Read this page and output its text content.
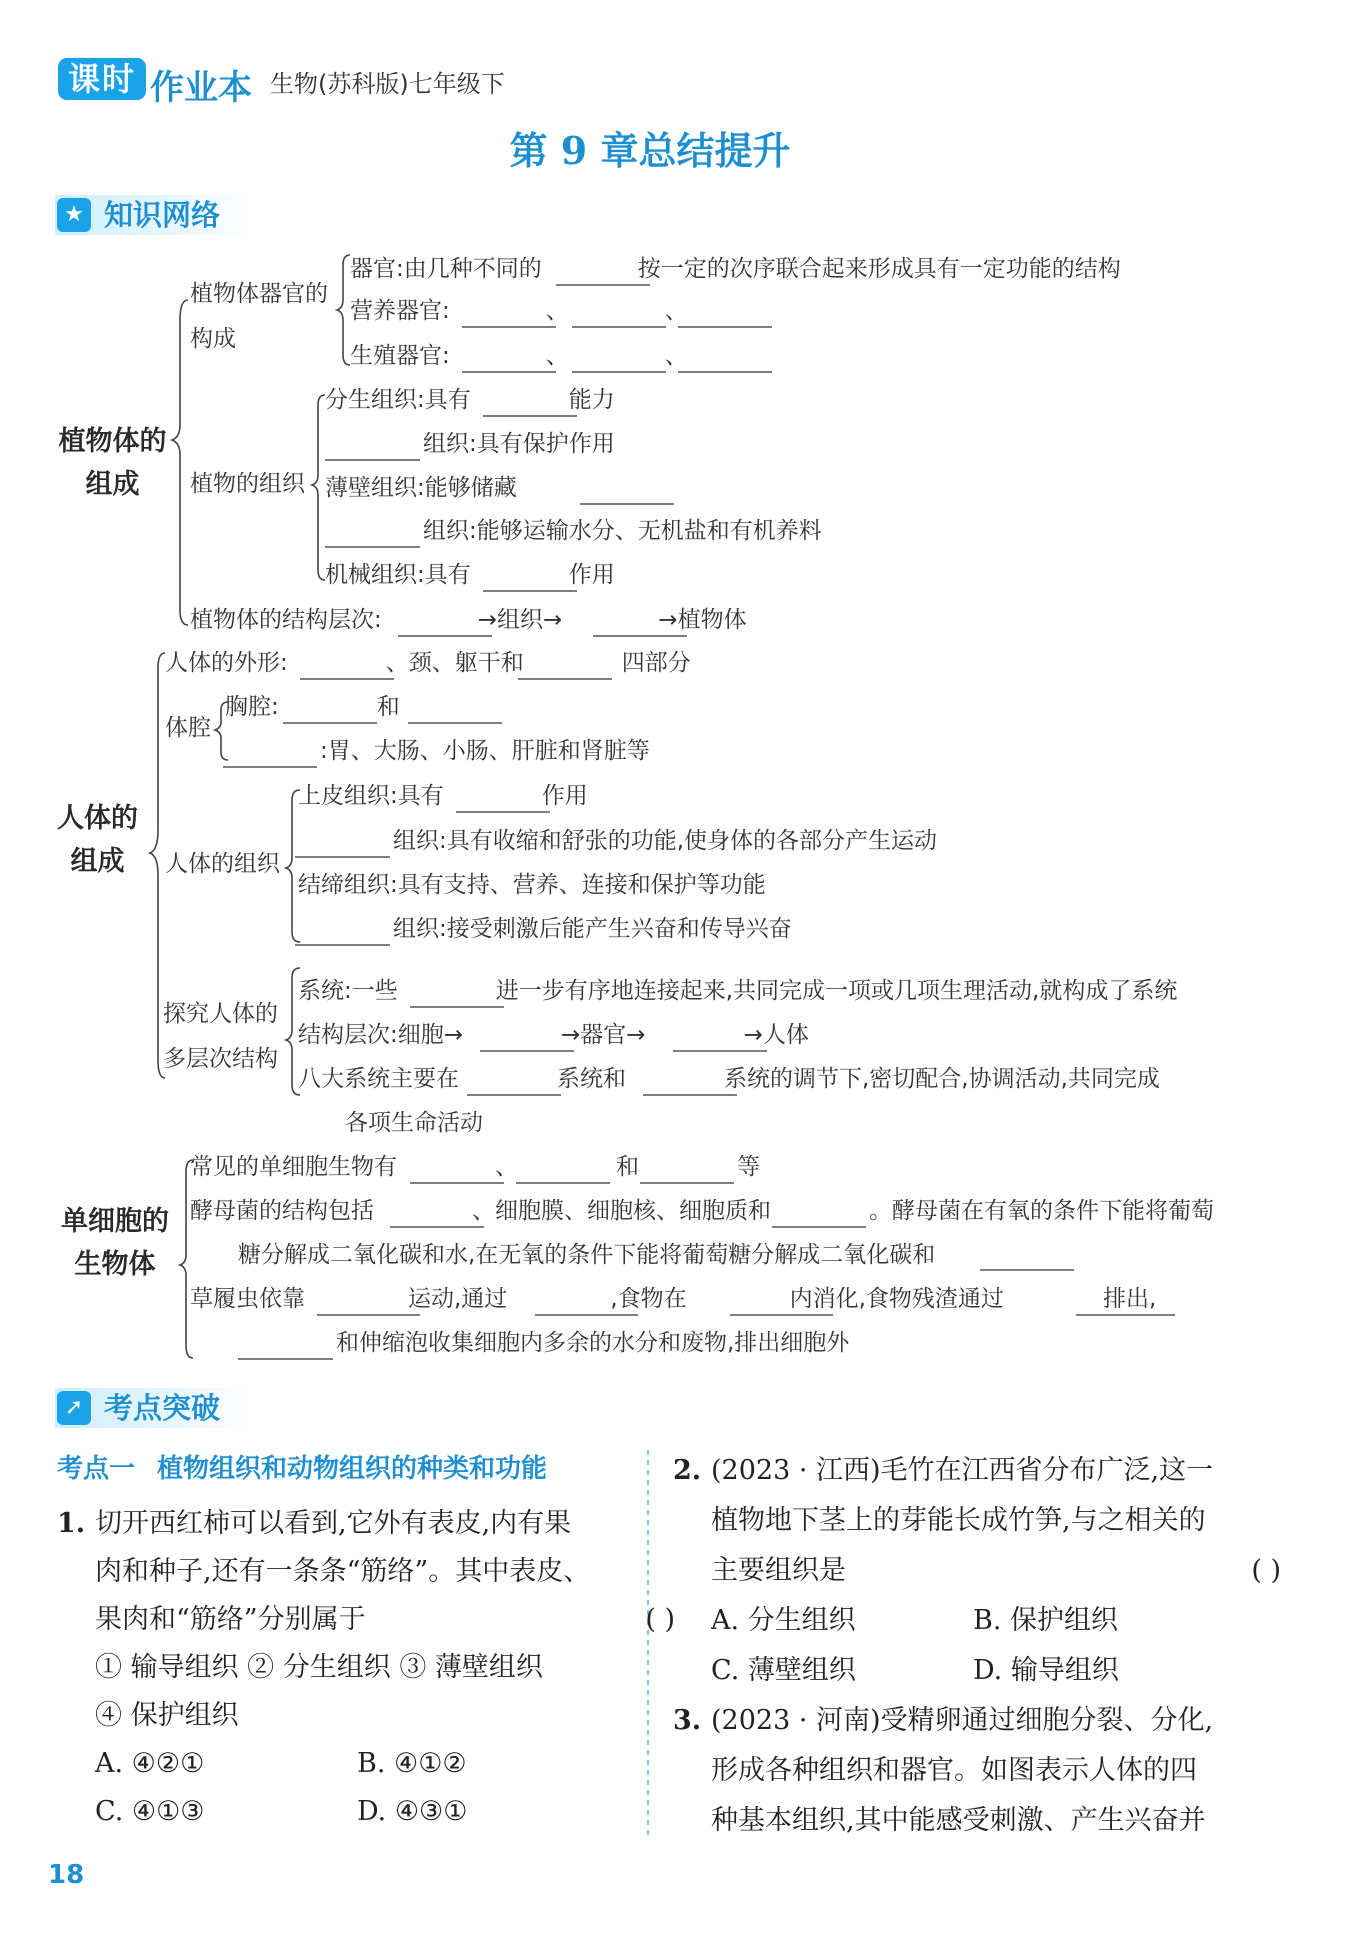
课时 作业本 生物(苏科版)七年级下
第 9 章总结提升
★ 知识网络
植物体的
组成
植物体器官的
构成
器官:由几种不同的	按一定的次序联合起来形成具有一定功能的结构
营养器官:	、	、
生殖器官:	、	、
植物的组织
分生组织:具有	能力
组织:具有保护作用
薄壁组织:能够储藏
组织:能够运输水分、无机盐和有机养料
机械组织:具有	作用
植物体的结构层次:	→组织→	→植物体
人体的
组成
人体的外形:	、颈、躯干和	四部分
体腔
胸腔:	和
:胃、大肠、小肠、肝脏和肾脏等
人体的组织
上皮组织:具有	作用
组织:具有收缩和舒张的功能,使身体的各部分产生运动
结缔组织:具有支持、营养、连接和保护等功能
组织:接受刺激后能产生兴奋和传导兴奋
探究人体的
多层次结构
系统:一些	进一步有序地连接起来,共同完成一项或几项生理活动,就构成了系统
结构层次:细胞→	→器官→	→人体
八大系统主要在	系统和	系统的调节下,密切配合,协调活动,共同完成
各项生命活动
单细胞的
生物体
常见的单细胞生物有	、	和	等
酵母菌的结构包括	、细胞膜、细胞核、细胞质和	。酵母菌在有氧的条件下能将葡萄
糖分解成二氧化碳和水,在无氧的条件下能将葡萄糖分解成二氧化碳和
草履虫依靠	运动,通过	,食物在	内消化,食物残渣通过	排出,
和伸缩泡收集细胞内多余的水分和废物,排出细胞外
➚ 考点突破
考点一 植物组织和动物组织的种类和功能
1. 切开西红柿可以看到,它外有表皮,内有果
肉和种子,还有一条条“筋络”。其中表皮、
果肉和“筋络”分别属于	( )
① 输导组织 ② 分生组织 ③ 薄壁组织
④ 保护组织
A. ④②①	B. ④①②
C. ④①③	D. ④③①
2. (2023 · 江西)毛竹在江西省分布广泛,这一
植物地下茎上的芽能长成竹笋,与之相关的
主要组织是	( )
A. 分生组织	B. 保护组织
C. 薄壁组织	D. 输导组织
3. (2023 · 河南)受精卵通过细胞分裂、分化,
形成各种组织和器官。如图表示人体的四
种基本组织,其中能感受刺激、产生兴奋并
18
